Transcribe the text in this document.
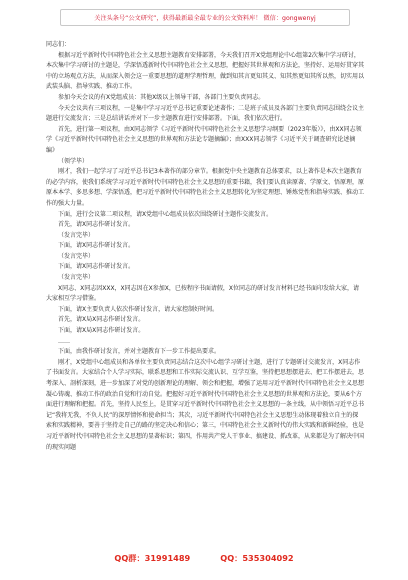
关注头条号“公文研究”，获得最新最全最专业的公文资料库！ 微信：gongwenyj

同志们：

根据习近平新时代中国特色社会主义思想主题教育安排部署，今天我们召开X党组理论中心组第2次集中学习研讨，本次集中学习研讨的主题是，学深悟透新时代中国特色社会主义思想，把握好其世界观和方法论，坚持好、运用好贯穿其中的立场观点方法，从而深入领会这一重要思想的道理学理哲理，做到知其言更知其义、知其然更知其所以然，切实用以武装头脑、指导实践、推动工作。

参加今天会议的有X党组成员：其他X级以上领导干部，各部门主要负责同志。

今天会议共有三项议程，一是集中学习习近平总书记重要论述著作；二是班子成员及各部门主要负责同志围绕会议主题进行交流发言；三是总结讲话并对下一步主题教育进行安排部署。下面，我们依次进行。

首先，进行第一项议程，由X同志领学《习近平新时代中国特色社会主义思想学习纲要（2023年版）》，由XX同志领学《习近平新时代中国特色社会主义思想的世界观和方法论专题摘编》；由XXX同志领学《习近平关于调查研究论述摘编》

（领学毕）

刚才，我们一起学习了习近平总书记3本著作的部分章节。根据党中央主题教育总体要求，以上著作是本次主题教育的必学内容，使我们系统学习习近平新时代中国特色社会主义思想的重要书籍，我们要认真读原著、学原文、悟原理，原原本本学、多思多想、学深悟透，把习近平新时代中国特色社会主义思想转化为坚定理想、锤炼党性和指导实践、推动工作的强大力量。

下面，进行会议第二项议程，请X党组中心组成员依次围绕研讨主题作交流发言。

首先，请X同志作研讨发言。

（发言完毕）

下面，请X同志作研讨发言。

（发言完毕）

下面，请X同志作研讨发言。

（发言完毕）

X同志、X同志因XXX，X同志因在X参加X，已按程序书面请假，X位同志的研讨发言材料已经书面印发给大家，请大家相互学习借鉴。

下面，请X主要负责人依次作研讨发言，请大家控制好时间。

首先，请X局X同志作研讨发言。

下面，请X局X同志作研讨发言。

……

下面，由我作研讨发言，并对主题教育下一步工作提出要求。

刚才，X党组中心组成员和各单位主要负责同志结合这次中心组学习研讨主题，进行了专题研讨交流发言，X同志作了书面发言。大家结合个人学习实际，联系思想和工作实际交流认识、互学互鉴，坚持把思想摆进去、把工作摆进去，思考深入、剖析深刻，进一步加深了对党的创新理论的理解、领会和把握，增强了运用习近平新时代中国特色社会主义思想凝心铸魂、推动工作的政治自觉和行动自觉。把握好习近平新时代中国特色社会主义思想的世界观和方法论，要从6个方面进行理解和把握。首先，坚持人民至上，是贯穿习近平新时代中国特色社会主义思想的一条主线，从中领悟习近平总书记“我将无我，不负人民”的深厚情怀和使命担当；其次，习近平新时代中国特色社会主义思想生动体现着独立自主的探索和实践精神，要善于坚持走自己的路的坚定决心和信心；第三，中国特色社会主义新时代的伟大实践和新鲜经验，也是习近平新时代中国特色社会主义思想的显著标识；第四，作用共产党人干事业、搞建设、抓改革，从来都是为了解决中国的现实问题

QQ群：31991489	QQ：535304092
